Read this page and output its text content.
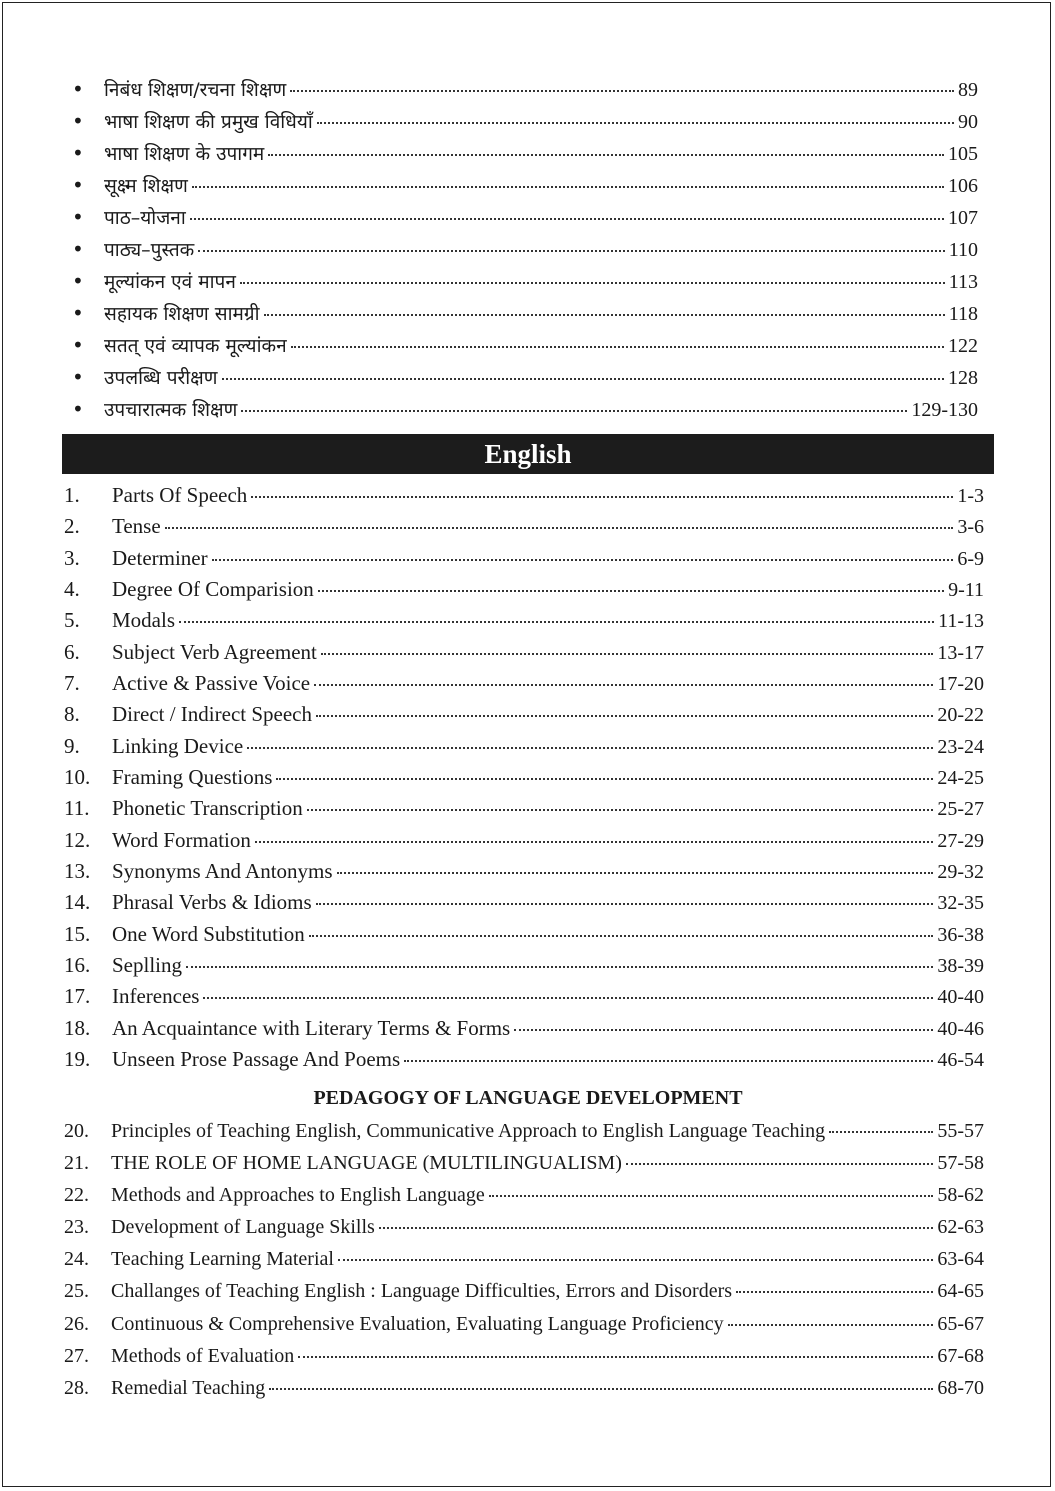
•	निबंध शिक्षण/रचना शिक्षण	89
•	भाषा शिक्षण की प्रमुख विधियाँ	90
•	भाषा शिक्षण के उपागम	105
•	सूक्ष्म शिक्षण	106
•	पाठ–योजना	107
•	पाठ्य–पुस्तक	110
•	मूल्यांकन एवं मापन	113
•	सहायक शिक्षण सामग्री	118
•	सतत् एवं व्यापक मूल्यांकन	122
•	उपलब्धि परीक्षण	128
•	उपचारात्मक शिक्षण	129-130
English
1.	Parts Of Speech	1-3
2.	Tense	3-6
3.	Determiner	6-9
4.	Degree Of Comparision	9-11
5.	Modals	11-13
6.	Subject Verb Agreement	13-17
7.	Active & Passive Voice	17-20
8.	Direct / Indirect Speech	20-22
9.	Linking Device	23-24
10.	Framing Questions	24-25
11.	Phonetic Transcription	25-27
12.	Word Formation	27-29
13.	Synonyms And Antonyms	29-32
14.	Phrasal Verbs & Idioms	32-35
15.	One Word Substitution	36-38
16.	Seplling	38-39
17.	Inferences	40-40
18.	An Acquaintance with Literary Terms & Forms	40-46
19.	Unseen Prose Passage And Poems	46-54
PEDAGOGY OF LANGUAGE DEVELOPMENT
20.	Principles of Teaching English, Communicative Approach to English Language Teaching	55-57
21.	THE ROLE OF HOME LANGUAGE (MULTILINGUALISM)	57-58
22.	Methods and Approaches to English Language	58-62
23.	Development of Language Skills	62-63
24.	Teaching Learning Material	63-64
25.	Challanges of Teaching English : Language Difficulties, Errors and Disorders	64-65
26.	Continuous & Comprehensive Evaluation, Evaluating Language Proficiency	65-67
27.	Methods of Evaluation	67-68
28.	Remedial Teaching	68-70
